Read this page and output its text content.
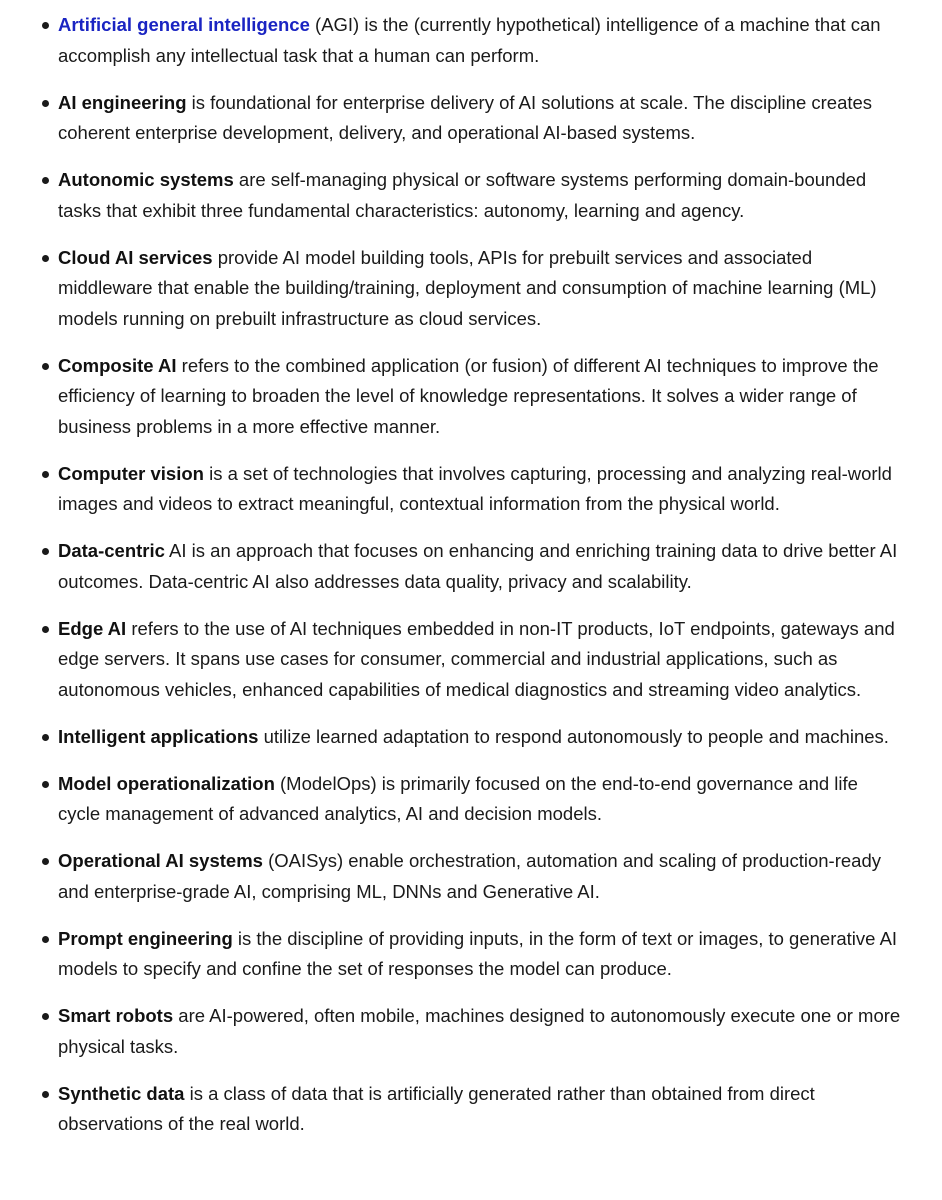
Artificial general intelligence (AGI) is the (currently hypothetical) intelligence of a machine that can accomplish any intellectual task that a human can perform.
AI engineering is foundational for enterprise delivery of AI solutions at scale. The discipline creates coherent enterprise development, delivery, and operational AI-based systems.
Autonomic systems are self-managing physical or software systems performing domain-bounded tasks that exhibit three fundamental characteristics: autonomy, learning and agency.
Cloud AI services provide AI model building tools, APIs for prebuilt services and associated middleware that enable the building/training, deployment and consumption of machine learning (ML) models running on prebuilt infrastructure as cloud services.
Composite AI refers to the combined application (or fusion) of different AI techniques to improve the efficiency of learning to broaden the level of knowledge representations. It solves a wider range of business problems in a more effective manner.
Computer vision is a set of technologies that involves capturing, processing and analyzing real-world images and videos to extract meaningful, contextual information from the physical world.
Data-centric AI is an approach that focuses on enhancing and enriching training data to drive better AI outcomes. Data-centric AI also addresses data quality, privacy and scalability.
Edge AI refers to the use of AI techniques embedded in non-IT products, IoT endpoints, gateways and edge servers. It spans use cases for consumer, commercial and industrial applications, such as autonomous vehicles, enhanced capabilities of medical diagnostics and streaming video analytics.
Intelligent applications utilize learned adaptation to respond autonomously to people and machines.
Model operationalization (ModelOps) is primarily focused on the end-to-end governance and life cycle management of advanced analytics, AI and decision models.
Operational AI systems (OAISys) enable orchestration, automation and scaling of production-ready and enterprise-grade AI, comprising ML, DNNs and Generative AI.
Prompt engineering is the discipline of providing inputs, in the form of text or images, to generative AI models to specify and confine the set of responses the model can produce.
Smart robots are AI-powered, often mobile, machines designed to autonomously execute one or more physical tasks.
Synthetic data is a class of data that is artificially generated rather than obtained from direct observations of the real world.
